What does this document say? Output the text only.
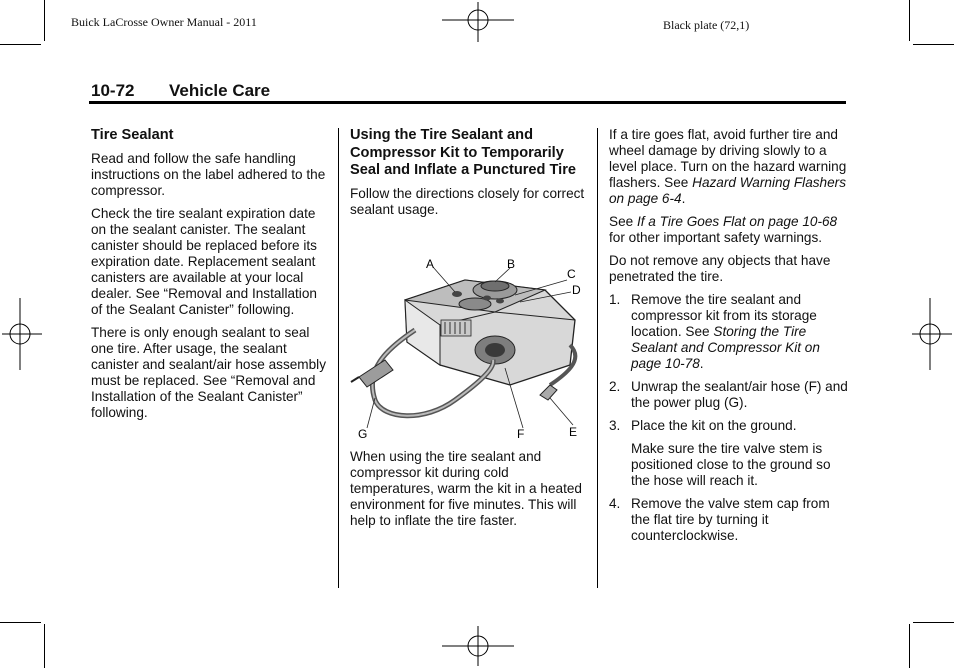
Buick LaCrosse Owner Manual - 2011	Black plate (72,1)
10-72 Vehicle Care
Tire Sealant

Read and follow the safe handling instructions on the label adhered to the compressor.

Check the tire sealant expiration date on the sealant canister. The sealant canister should be replaced before its expiration date. Replacement sealant canisters are available at your local dealer. See “Removal and Installation of the Sealant Canister” following.

There is only enough sealant to seal one tire. After usage, the sealant canister and sealant/air hose assembly must be replaced. See “Removal and Installation of the Sealant Canister” following.

Using the Tire Sealant and Compressor Kit to Temporarily Seal and Inflate a Punctured Tire

Follow the directions closely for correct sealant usage.

A	B
C
D
E
F
G

When using the tire sealant and compressor kit during cold temperatures, warm the kit in a heated environment for five minutes. This will help to inflate the tire faster.

If a tire goes flat, avoid further tire and wheel damage by driving slowly to a level place. Turn on the hazard warning flashers. See Hazard Warning Flashers on page 6-4.

See If a Tire Goes Flat on page 10-68 for other important safety warnings.

Do not remove any objects that have penetrated the tire.

1. Remove the tire sealant and compressor kit from its storage location. See Storing the Tire Sealant and Compressor Kit on page 10-78.
2. Unwrap the sealant/air hose (F) and the power plug (G).
3. Place the kit on the ground.

Make sure the tire valve stem is positioned close to the ground so the hose will reach it.

4. Remove the valve stem cap from the flat tire by turning it counterclockwise.
